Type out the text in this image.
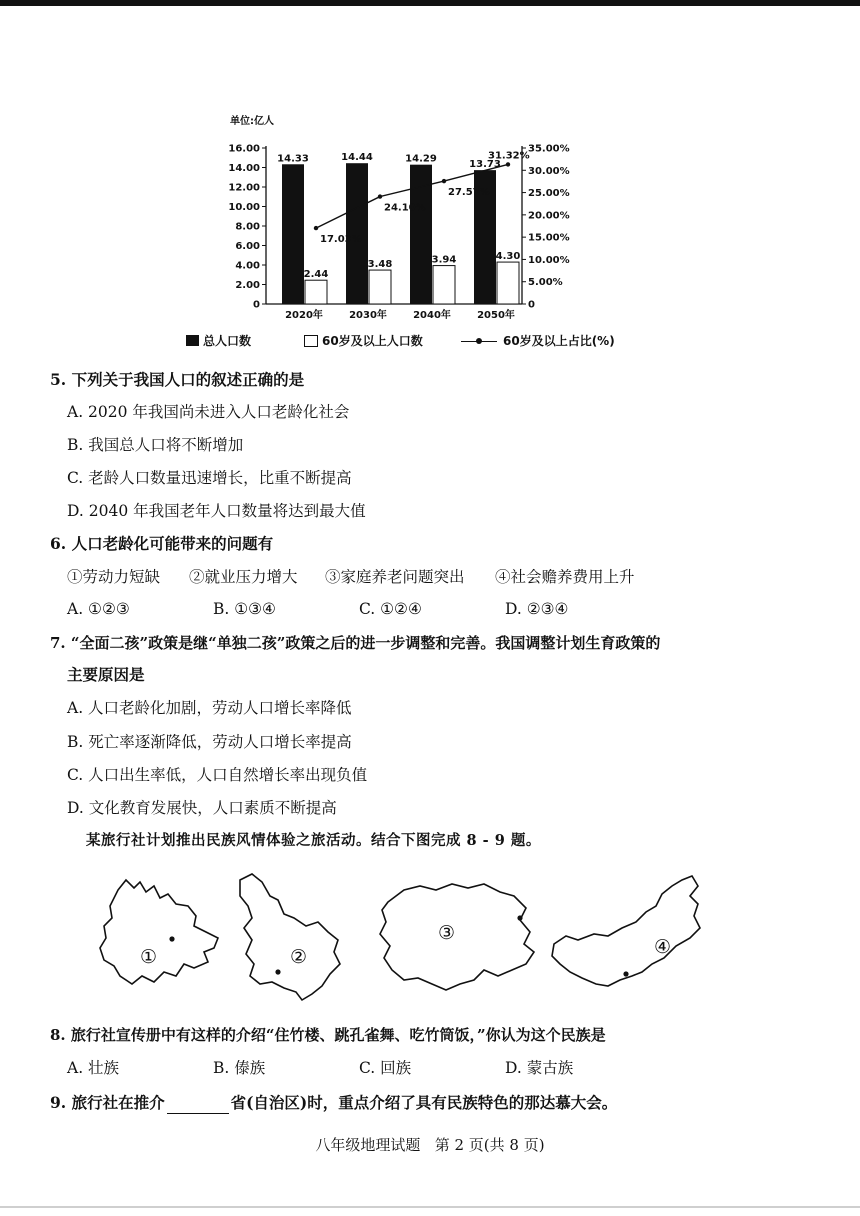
单位:亿人
0
2.00
4.00
6.00
8.00
10.00
12.00
14.00
16.00
0
5.00%
10.00%
15.00%
20.00%
25.00%
30.00%
35.00%
14.33
2.44
2020年
14.44
3.48
2030年
14.29
3.94
2040年
13.73
4.30
2050年
17.03%
24.10%
27.57%
31.32%
总人口数	60岁及以上人口数	60岁及以上占比(%)
5. 下列关于我国人口的叙述正确的是
A. 2020 年我国尚未进入人口老龄化社会
B. 我国总人口将不断增加
C. 老龄人口数量迅速增长，比重不断提高
D. 2040 年我国老年人口数量将达到最大值
6. 人口老龄化可能带来的问题有
①劳动力短缺	②就业压力增大	③家庭养老问题突出	④社会赡养费用上升
A. ①②③	B. ①③④	C. ①②④	D. ②③④
7. “全面二孩”政策是继“单独二孩”政策之后的进一步调整和完善。我国调整计划生育政策的
主要原因是
A. 人口老龄化加剧，劳动人口增长率降低
B. 死亡率逐渐降低，劳动人口增长率提高
C. 人口出生率低，人口自然增长率出现负值
D. 文化教育发展快，人口素质不断提高
某旅行社计划推出民族风情体验之旅活动。结合下图完成 8 - 9 题。
①	②
③
④
8. 旅行社宣传册中有这样的介绍“住竹楼、跳孔雀舞、吃竹筒饭，”你认为这个民族是
A. 壮族	B. 傣族	C. 回族	D. 蒙古族
9. 旅行社在推介	省(自治区)时，重点介绍了具有民族特色的那达慕大会。
八年级地理试题   第 2 页(共 8 页)
